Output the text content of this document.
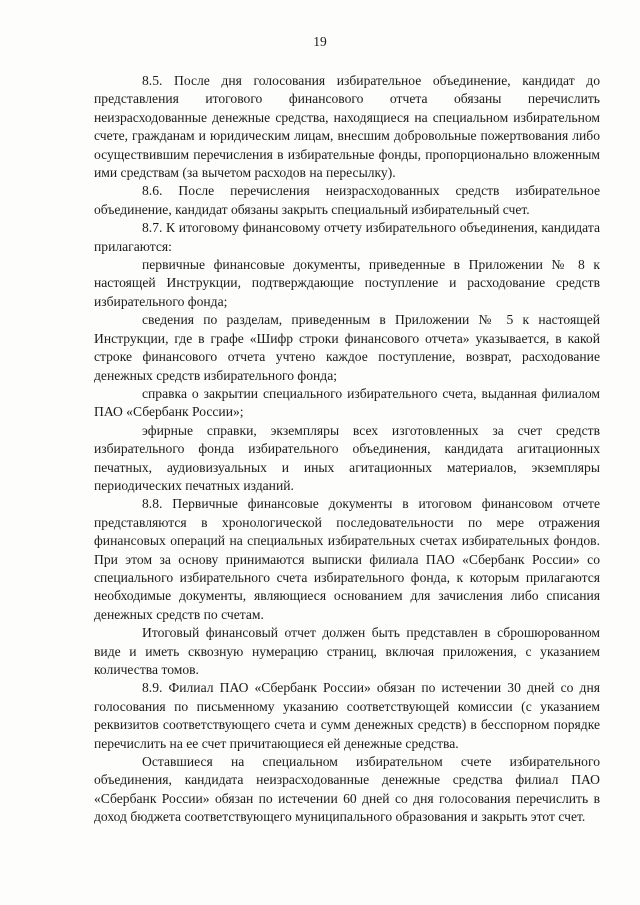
19

8.5. После дня голосования избирательное объединение, кандидат до представления итогового финансового отчета обязаны перечислить неизрасходованные денежные средства, находящиеся на специальном избирательном счете, гражданам и юридическим лицам, внесшим добровольные пожертвования либо осуществившим перечисления в избирательные фонды, пропорционально вложенным ими средствам (за вычетом расходов на пересылку).

8.6. После перечисления неизрасходованных средств избирательное объединение, кандидат обязаны закрыть специальный избирательный счет.

8.7. К итоговому финансовому отчету избирательного объединения, кандидата прилагаются:

первичные финансовые документы, приведенные в Приложении № 8 к настоящей Инструкции, подтверждающие поступление и расходование средств избирательного фонда;

сведения по разделам, приведенным в Приложении № 5 к настоящей Инструкции, где в графе «Шифр строки финансового отчета» указывается, в какой строке финансового отчета учтено каждое поступление, возврат, расходование денежных средств избирательного фонда;

справка о закрытии специального избирательного счета, выданная филиалом ПАО «Сбербанк России»;

эфирные справки, экземпляры всех изготовленных за счет средств избирательного фонда избирательного объединения, кандидата агитационных печатных, аудиовизуальных и иных агитационных материалов, экземпляры периодических печатных изданий.

8.8. Первичные финансовые документы в итоговом финансовом отчете представляются в хронологической последовательности по мере отражения финансовых операций на специальных избирательных счетах избирательных фондов. При этом за основу принимаются выписки филиала ПАО «Сбербанк России» со специального избирательного счета избирательного фонда, к которым прилагаются необходимые документы, являющиеся основанием для зачисления либо списания денежных средств по счетам.

Итоговый финансовый отчет должен быть представлен в сброшюрованном виде и иметь сквозную нумерацию страниц, включая приложения, с указанием количества томов.

8.9. Филиал ПАО «Сбербанк России» обязан по истечении 30 дней со дня голосования по письменному указанию соответствующей комиссии (с указанием реквизитов соответствующего счета и сумм денежных средств) в бесспорном порядке перечислить на ее счет причитающиеся ей денежные средства.

Оставшиеся на специальном избирательном счете избирательного объединения, кандидата неизрасходованные денежные средства филиал ПАО «Сбербанк России» обязан по истечении 60 дней со дня голосования перечислить в доход бюджета соответствующего муниципального образования и закрыть этот счет.
